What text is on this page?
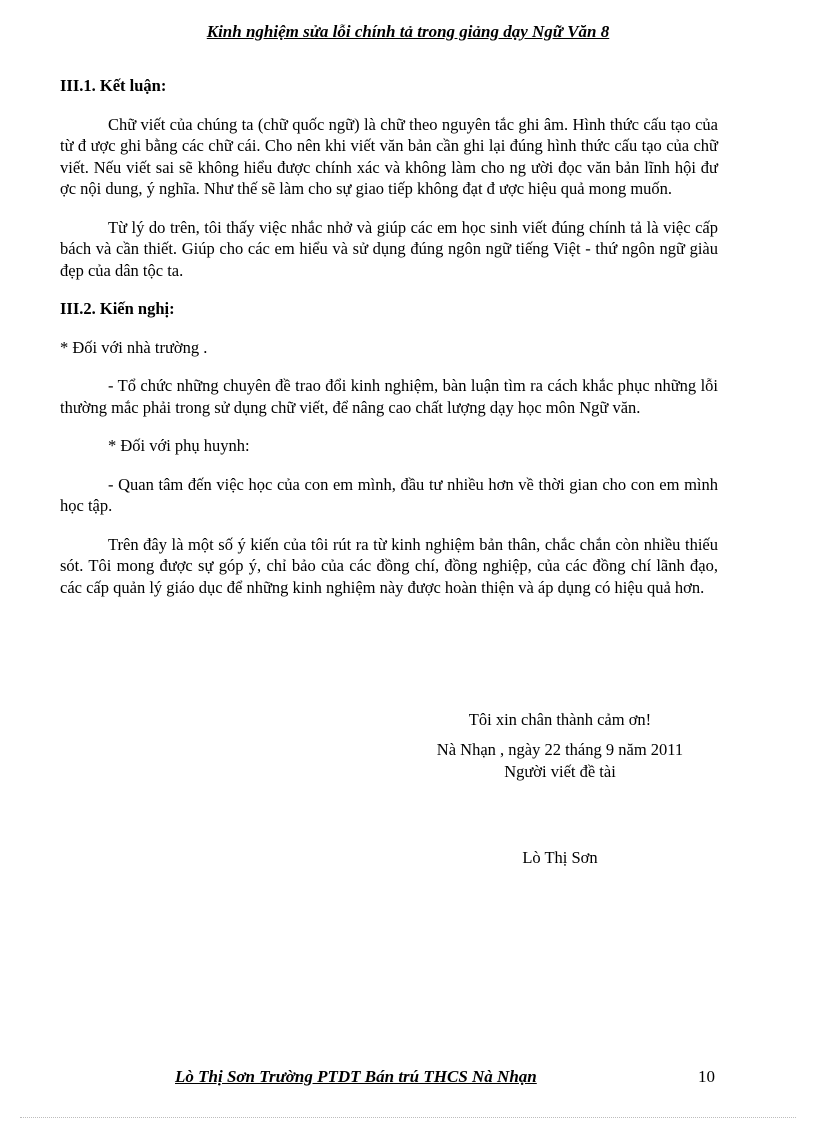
Kinh nghiệm sửa lỗi chính tả trong giảng dạy Ngữ Văn 8

III.1. Kết luận:

Chữ viết của chúng ta (chữ quốc ngữ) là chữ theo nguyên tắc ghi âm. Hình thức cấu tạo của từ đ ược ghi bằng các chữ cái. Cho nên khi viết văn bản cần ghi lại đúng hình thức cấu tạo của chữ viết. Nếu viết sai sẽ không hiểu được chính xác và không làm cho ng ười đọc văn bản lĩnh hội đư ợc nội dung, ý nghĩa. Như thế sẽ làm cho sự giao tiếp không đạt đ ược hiệu quả mong muốn.

Từ lý do trên, tôi thấy việc nhắc nhở và giúp các em học sinh viết đúng chính tả là việc cấp bách và cần thiết. Giúp cho các em hiểu và sử dụng đúng ngôn ngữ tiếng Việt - thứ ngôn ngữ giàu đẹp của dân tộc ta.

III.2. Kiến nghị:

* Đối với nhà trường .

- Tổ chức những chuyên đề trao đổi kinh nghiệm, bàn luận tìm ra cách khắc phục những lỗi thường mắc phải trong sử dụng chữ viết, để nâng cao chất lượng dạy học môn Ngữ văn.

* Đối với phụ huynh:

- Quan tâm đến việc học của con em mình, đầu tư nhiều hơn về thời gian cho con em mình học tập.

Trên đây là một số ý kiến của tôi rút ra từ kinh nghiệm bản thân, chắc chắn còn nhiều thiếu sót. Tôi mong được sự góp ý, chỉ bảo của các đồng chí, đồng nghiệp, của các đồng chí lãnh đạo, các cấp quản lý giáo dục để những kinh nghiệm này được hoàn thiện và áp dụng có hiệu quả hơn.

Tôi xin chân thành cảm ơn!
Nà Nhạn , ngày 22 tháng 9 năm 2011
Người viết đề tài
Lò Thị Sơn
Lò Thị Sơn Trường PTDT Bán trú THCS Nà Nhạn	10
